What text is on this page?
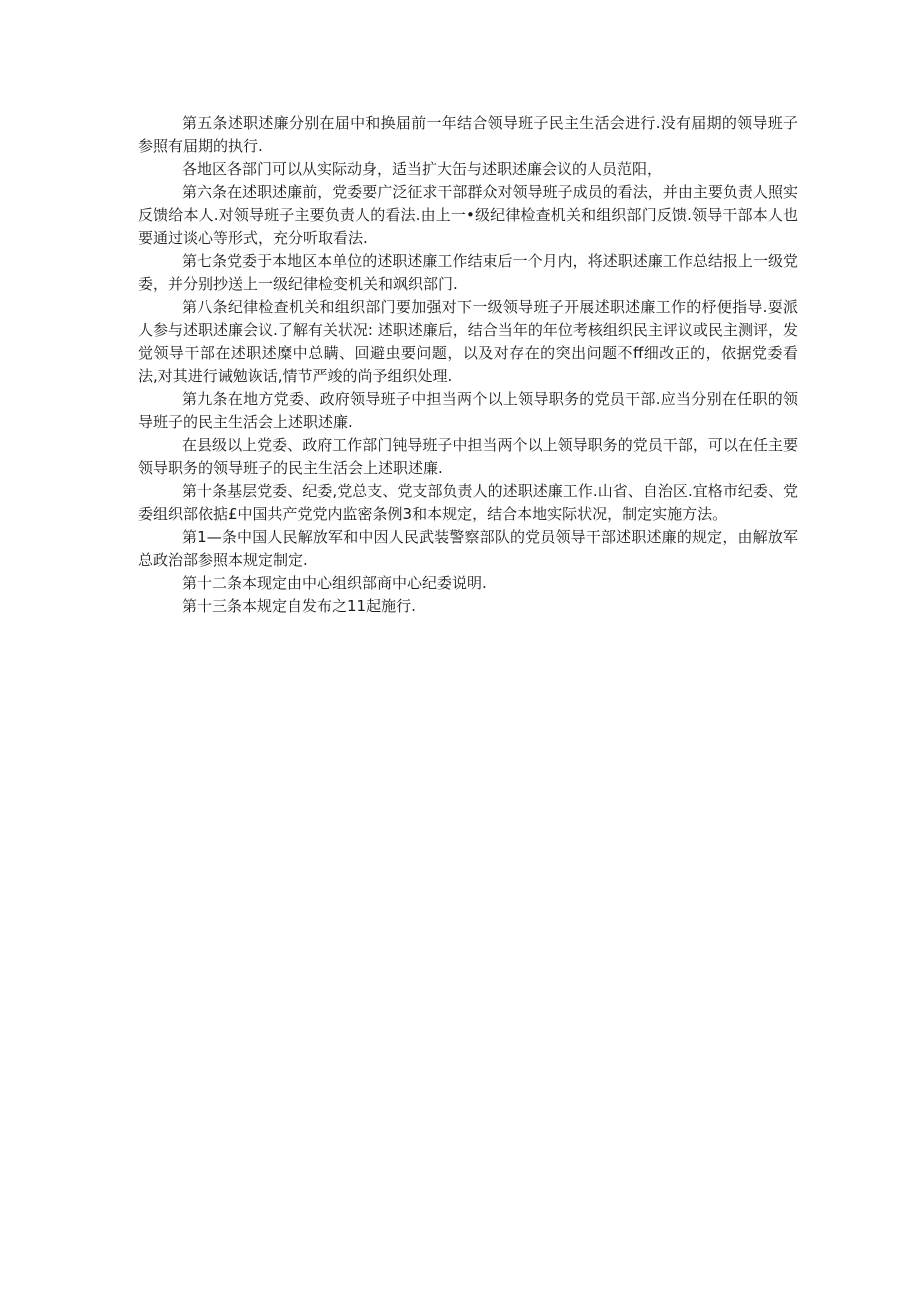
第五条述职述廉分别在届中和换届前一年结合领导班子民主生活会进行.没有届期的领导班子参照有届期的执行.

各地区各部门可以从实际动身，适当扩大缶与述职述廉会议的人员范阳，

第六条在述职述廉前，党委要广泛征求干部群众对领导班子成员的看法，并由主要负责人照实反馈给本人.对领导班子主要负责人的看法.由上一•级纪律检查机关和组织部门反馈.领导干部本人也要通过谈心等形式，充分听取看法.

第七条党委于本地区本单位的述职述廉工作结束后一个月内，将述职述廉工作总结报上一级党委，并分别抄送上一级纪律检变机关和飒织部门.

第八条纪律检查机关和组织部门要加强对下一级领导班子开展述职述廉工作的杼便指导.耍派人参与述职述廉会议.了解有关状况: 述职述廉后，结合当年的年位考核组织民主评议或民主测评，发觉领导干部在述职述糜中总瞒、回避虫要问题，以及对存在的突出问题不ff细改正的，依据党委看法,对其进行诫勉诙话,情节严竣的尚予组织处理.

第九条在地方党委、政府领导班子中担当两个以上领导职务的党员干部.应当分别在任职的领导班子的民主生活会上述职述廉.

在县级以上党委、政府工作部门钝导班子中担当两个以上领导职务的党员干部，可以在任主要领导职务的领导班子的民主生活会上述职述廉.

第十条基层党委、纪委,党总支、党支部负责人的述职述廉工作.山省、自治区.宜格市纪委、党委组织部依掂£中国共产党党内监密条例3和本规定，结合本地实际状况，制定实施方法。

第1—条中国人民解放军和中因人民武装警察部队的党员领导干部述职述廉的规定，由解放军总政治部参照本规定制定.

第十二条本现定由中心组织部商中心纪委说明.

第十三条本规定自发布之11起施行.
